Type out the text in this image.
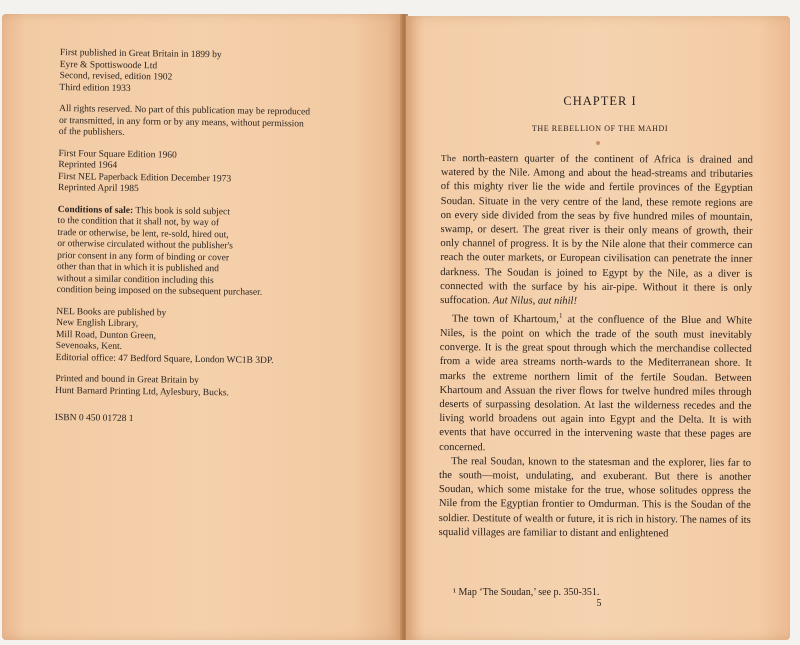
First published in Great Britain in 1899 by
Eyre & Spottiswoode Ltd
Second, revised, edition 1902
Third edition 1933

All rights reserved. No part of this publication may be reproduced
or transmitted, in any form or by any means, without permission
of the publishers.

First Four Square Edition 1960
Reprinted 1964
First NEL Paperback Edition December 1973
Reprinted April 1985

Conditions of sale: This book is sold subject
to the condition that it shall not, by way of
trade or otherwise, be lent, re-sold, hired out,
or otherwise circulated without the publisher's
prior consent in any form of binding or cover
other than that in which it is published and
without a similar condition including this
condition being imposed on the subsequent purchaser.

NEL Books are published by
New English Library,
Mill Road, Dunton Green,
Sevenoaks, Kent.
Editorial office: 47 Bedford Square, London WC1B 3DP.

Printed and bound in Great Britain by
Hunt Barnard Printing Ltd, Aylesbury, Bucks.

ISBN 0 450 01728 1

CHAPTER I
THE REBELLION OF THE MAHDI

The north-eastern quarter of the continent of Africa is drained and watered by the Nile. Among and about the head-streams and tributaries of this mighty river lie the wide and fertile provinces of the Egyptian Soudan. Situate in the very centre of the land, these remote regions are on every side divided from the seas by five hundred miles of mountain, swamp, or desert. The great river is their only means of growth, their only channel of progress. It is by the Nile alone that their commerce can reach the outer markets, or European civilisation can penetrate the inner darkness. The Soudan is joined to Egypt by the Nile, as a diver is connected with the surface by his air-pipe. Without it there is only suffocation. Aut Nilus, aut nihil!

The town of Khartoum,$^1$ at the confluence of the Blue and White Niles, is the point on which the trade of the south must inevitably converge. It is the great spout through which the merchandise collected from a wide area streams north-wards to the Mediterranean shore. It marks the extreme northern limit of the fertile Soudan. Between Khartoum and Assuan the river flows for twelve hundred miles through deserts of surpassing desolation. At last the wilderness recedes and the living world broadens out again into Egypt and the Delta. It is with events that have occurred in the intervening waste that these pages are concerned.

The real Soudan, known to the statesman and the explorer, lies far to the south—moist, undulating, and exuberant. But there is another Soudan, which some mistake for the true, whose solitudes oppress the Nile from the Egyptian frontier to Omdurman. This is the Soudan of the soldier. Destitute of wealth or future, it is rich in history. The names of its squalid villages are familiar to distant and enlightened

¹ Map ‘The Soudan,’ see p. 350-351.
5
